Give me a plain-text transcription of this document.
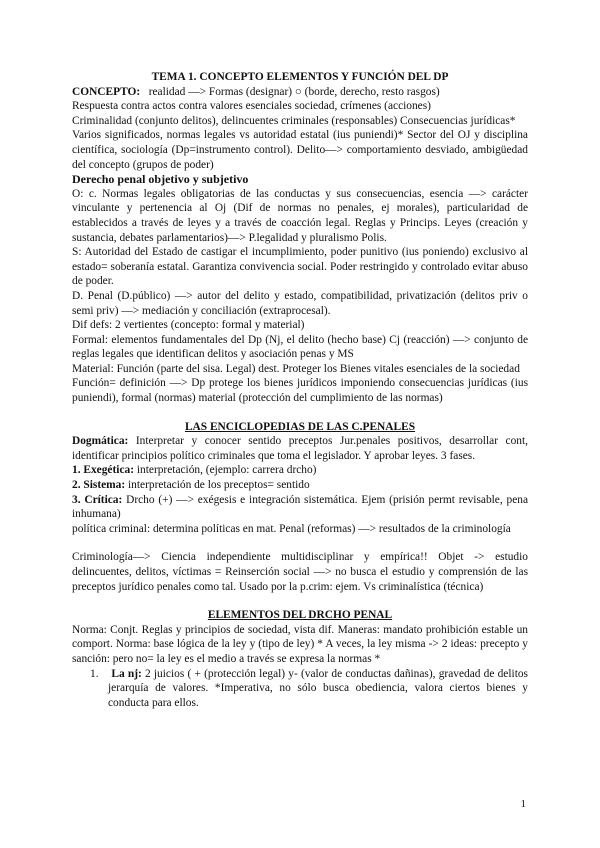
TEMA 1. CONCEPTO ELEMENTOS Y FUNCIÓN DEL DP

CONCEPTO: realidad —> Formas (designar) ○ (borde, derecho, resto rasgos)

Respuesta contra actos contra valores esenciales sociedad, crímenes (acciones)

Criminalidad (conjunto delitos), delincuentes criminales (responsables) Consecuencias jurídicas*

Varios significados, normas legales vs autoridad estatal (ius puniendi)* Sector del OJ y disciplina científica, sociología (Dp=instrumento control). Delito—> comportamiento desviado, ambigüedad del concepto (grupos de poder)

Derecho penal objetivo y subjetivo

O: c. Normas legales obligatorias de las conductas y sus consecuencias, esencia —> carácter vinculante y pertenencia al Oj (Dif de normas no penales, ej morales), particularidad de establecidos a través de leyes y a través de coacción legal. Reglas y Princips. Leyes (creación y sustancia, debates parlamentarios)—> P.legalidad y pluralismo Polis.

S: Autoridad del Estado de castigar el incumplimiento, poder punitivo (ius poniendo) exclusivo al estado= soberanía estatal. Garantiza convivencia social. Poder restringido y controlado evitar abuso de poder.

D. Penal (D.público) —> autor del delito y estado, compatibilidad, privatización (delitos priv o semi priv) —> mediación y conciliación (extraprocesal).

Dif defs: 2 vertientes (concepto: formal y material)

Formal: elementos fundamentales del Dp (Nj, el delito (hecho base) Cj (reacción) —> conjunto de reglas legales que identifican delitos y asociación penas y MS

Material: Función (parte del sisa. Legal) dest. Proteger los Bienes vitales esenciales de la sociedad

Función= definición —> Dp protege los bienes jurídicos imponiendo consecuencias jurídicas (ius puniendi), formal (normas) material (protección del cumplimiento de las normas)

LAS ENCICLOPEDIAS DE LAS C.PENALES

Dogmática: Interpretar y conocer sentido preceptos Jur.penales positivos, desarrollar cont, identificar principios político criminales que toma el legislador. Y aprobar leyes. 3 fases.

1. Exegética: interpretación, (ejemplo: carrera drcho)

2. Sistema: interpretación de los preceptos= sentido

3. Crítica: Drcho (+) —> exégesis e integración sistemática. Ejem (prisión permt revisable, pena inhumana)

política criminal: determina políticas en mat. Penal (reformas) —> resultados de la criminología

Criminología—> Ciencia independiente multidisciplinar y empírica!! Objet -> estudio delincuentes, delitos, víctimas = Reinserción social —> no busca el estudio y comprensión de las preceptos jurídico penales como tal. Usado por la p.crim: ejem. Vs criminalística (técnica)

ELEMENTOS DEL DRCHO PENAL

Norma: Conjt. Reglas y principios de sociedad, vista dif. Maneras: mandato prohibición estable un comport. Norma: base lógica de la ley y (tipo de ley) * A veces, la ley misma -> 2 ideas: precepto y sanción: pero no= la ley es el medio a través se expresa la normas *

1. La nj: 2 juicios ( + (protección legal) y- (valor de conductas dañinas), gravedad de delitos jerarquía de valores. *Imperativa, no sólo busca obediencia, valora ciertos bienes y conducta para ellos.

1
